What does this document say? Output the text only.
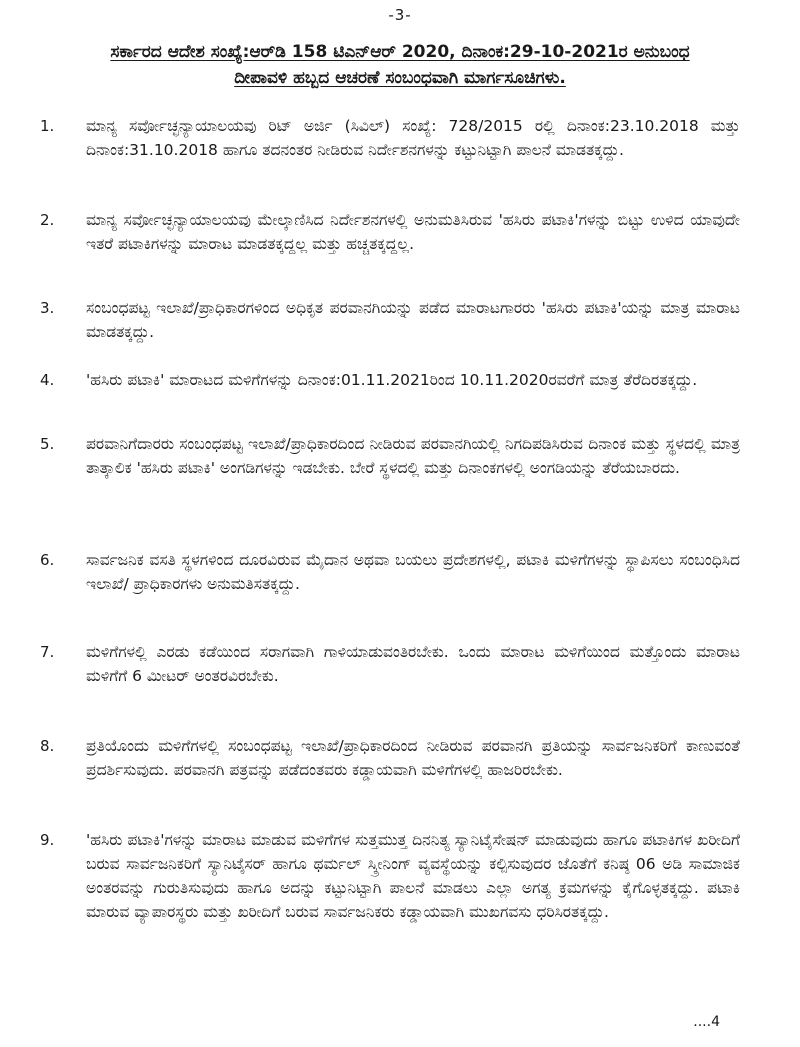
-3-
ಸರ್ಕಾರದ ಆದೇಶ ಸಂಖ್ಯೆ:ಆರ್‌ಡಿ 158 ಟಿಎನ್‌ಆರ್ 2020, ದಿನಾಂಕ:29-10-2021ರ ಅನುಬಂಧ
ದೀಪಾವಳಿ ಹಬ್ಬದ ಆಚರಣೆ ಸಂಬಂಧವಾಗಿ ಮಾರ್ಗಸೂಚಿಗಳು.
1.	ಮಾನ್ಯ ಸರ್ವೋಚ್ಛನ್ಯಾಯಾಲಯವು ರಿಟ್ ಅರ್ಜಿ (ಸಿವಿಲ್) ಸಂಖ್ಯೆ: 728/2015 ರಲ್ಲಿ ದಿನಾಂಕ:23.10.2018 ಮತ್ತು ದಿನಾಂಕ:31.10.2018 ಹಾಗೂ ತದನಂತರ ನೀಡಿರುವ ನಿರ್ದೇಶನಗಳನ್ನು ಕಟ್ಟುನಿಟ್ಟಾಗಿ ಪಾಲನೆ ಮಾಡತಕ್ಕದ್ದು.
2.	ಮಾನ್ಯ ಸರ್ವೋಚ್ಛನ್ಯಾಯಾಲಯವು ಮೇಲ್ಕಾಣಿಸಿದ ನಿರ್ದೇಶನಗಳಲ್ಲಿ ಅನುಮತಿಸಿರುವ 'ಹಸಿರು ಪಟಾಕಿ'ಗಳನ್ನು ಬಿಟ್ಟು ಉಳಿದ ಯಾವುದೇ ಇತರೆ ಪಟಾಕಿಗಳನ್ನು ಮಾರಾಟ ಮಾಡತಕ್ಕದ್ದಲ್ಲ ಮತ್ತು ಹಚ್ಚತಕ್ಕದ್ದಲ್ಲ.
3.	ಸಂಬಂಧಪಟ್ಟ ಇಲಾಖೆ/ಪ್ರಾಧಿಕಾರಗಳಿಂದ ಅಧಿಕೃತ ಪರವಾನಗಿಯನ್ನು ಪಡೆದ ಮಾರಾಟಗಾರರು 'ಹಸಿರು ಪಟಾಕಿ'ಯನ್ನು ಮಾತ್ರ ಮಾರಾಟ ಮಾಡತಕ್ಕದ್ದು.
4.	'ಹಸಿರು ಪಟಾಕಿ' ಮಾರಾಟದ ಮಳಿಗೆಗಳನ್ನು ದಿನಾಂಕ:01.11.2021ರಿಂದ 10.11.2020ರವರೆಗೆ ಮಾತ್ರ ತೆರೆದಿರತಕ್ಕದ್ದು.
5.	ಪರವಾನಿಗೆದಾರರು ಸಂಬಂಧಪಟ್ಟ ಇಲಾಖೆ/ಪ್ರಾಧಿಕಾರದಿಂದ ನೀಡಿರುವ ಪರವಾನಗಿಯಲ್ಲಿ ನಿಗದಿಪಡಿಸಿರುವ ದಿನಾಂಕ ಮತ್ತು ಸ್ಥಳದಲ್ಲಿ ಮಾತ್ರ ತಾತ್ಕಾಲಿಕ 'ಹಸಿರು ಪಟಾಕಿ' ಅಂಗಡಿಗಳನ್ನು ಇಡಬೇಕು. ಬೇರೆ ಸ್ಥಳದಲ್ಲಿ ಮತ್ತು ದಿನಾಂಕಗಳಲ್ಲಿ ಅಂಗಡಿಯನ್ನು ತೆರೆಯಬಾರದು.
6.	ಸಾರ್ವಜನಿಕ ವಸತಿ ಸ್ಥಳಗಳಿಂದ ದೂರವಿರುವ ಮೈದಾನ ಅಥವಾ ಬಯಲು ಪ್ರದೇಶಗಳಲ್ಲಿ, ಪಟಾಕಿ ಮಳಿಗೆಗಳನ್ನು ಸ್ಥಾಪಿಸಲು ಸಂಬಂಧಿಸಿದ ಇಲಾಖೆ/ ಪ್ರಾಧಿಕಾರಗಳು ಅನುಮತಿಸತಕ್ಕದ್ದು.
7.	ಮಳಿಗೆಗಳಲ್ಲಿ ಎರಡು ಕಡೆಯಿಂದ ಸರಾಗವಾಗಿ ಗಾಳಿಯಾಡುವಂತಿರಬೇಕು. ಒಂದು ಮಾರಾಟ ಮಳಿಗೆಯಿಂದ ಮತ್ತೊಂದು ಮಾರಾಟ ಮಳಿಗೆಗೆ 6 ಮೀಟರ್ ಅಂತರವಿರಬೇಕು.
8.	ಪ್ರತಿಯೊಂದು ಮಳಿಗೆಗಳಲ್ಲಿ ಸಂಬಂಧಪಟ್ಟ ಇಲಾಖೆ/ಪ್ರಾಧಿಕಾರದಿಂದ ನೀಡಿರುವ ಪರವಾನಗಿ ಪ್ರತಿಯನ್ನು ಸಾರ್ವಜನಿಕರಿಗೆ ಕಾಣುವಂತೆ ಪ್ರದರ್ಶಿಸುವುದು. ಪರವಾನಗಿ ಪತ್ರವನ್ನು ಪಡೆದಂತವರು ಕಡ್ಡಾಯವಾಗಿ ಮಳಿಗೆಗಳಲ್ಲಿ ಹಾಜರಿರಬೇಕು.
9.	'ಹಸಿರು ಪಟಾಕಿ'ಗಳನ್ನು ಮಾರಾಟ ಮಾಡುವ ಮಳಿಗೆಗಳ ಸುತ್ತಮುತ್ತ ದಿನನಿತ್ಯ ಸ್ಯಾನಿಟೈಸೇಷನ್ ಮಾಡುವುದು ಹಾಗೂ ಪಟಾಕಿಗಳ ಖರೀದಿಗೆ ಬರುವ ಸಾರ್ವಜನಿಕರಿಗೆ ಸ್ಯಾನಿಟೈಸರ್ ಹಾಗೂ ಥರ್ಮಲ್ ಸ್ಕ್ರೀನಿಂಗ್ ವ್ಯವಸ್ಥೆಯನ್ನು ಕಲ್ಪಿಸುವುದರ ಜೊತೆಗೆ ಕನಿಷ್ಠ 06 ಅಡಿ ಸಾಮಾಜಿಕ ಅಂತರವನ್ನು ಗುರುತಿಸುವುದು ಹಾಗೂ ಅದನ್ನು ಕಟ್ಟುನಿಟ್ಟಾಗಿ ಪಾಲನೆ ಮಾಡಲು ಎಲ್ಲಾ ಅಗತ್ಯ ಕ್ರಮಗಳನ್ನು ಕೈಗೊಳ್ಳತಕ್ಕದ್ದು. ಪಟಾಕಿ ಮಾರುವ ವ್ಯಾಪಾರಸ್ಥರು ಮತ್ತು ಖರೀದಿಗೆ ಬರುವ ಸಾರ್ವಜನಿಕರು ಕಡ್ಡಾಯವಾಗಿ ಮುಖಗವಸು ಧರಿಸಿರತಕ್ಕದ್ದು.
....4
